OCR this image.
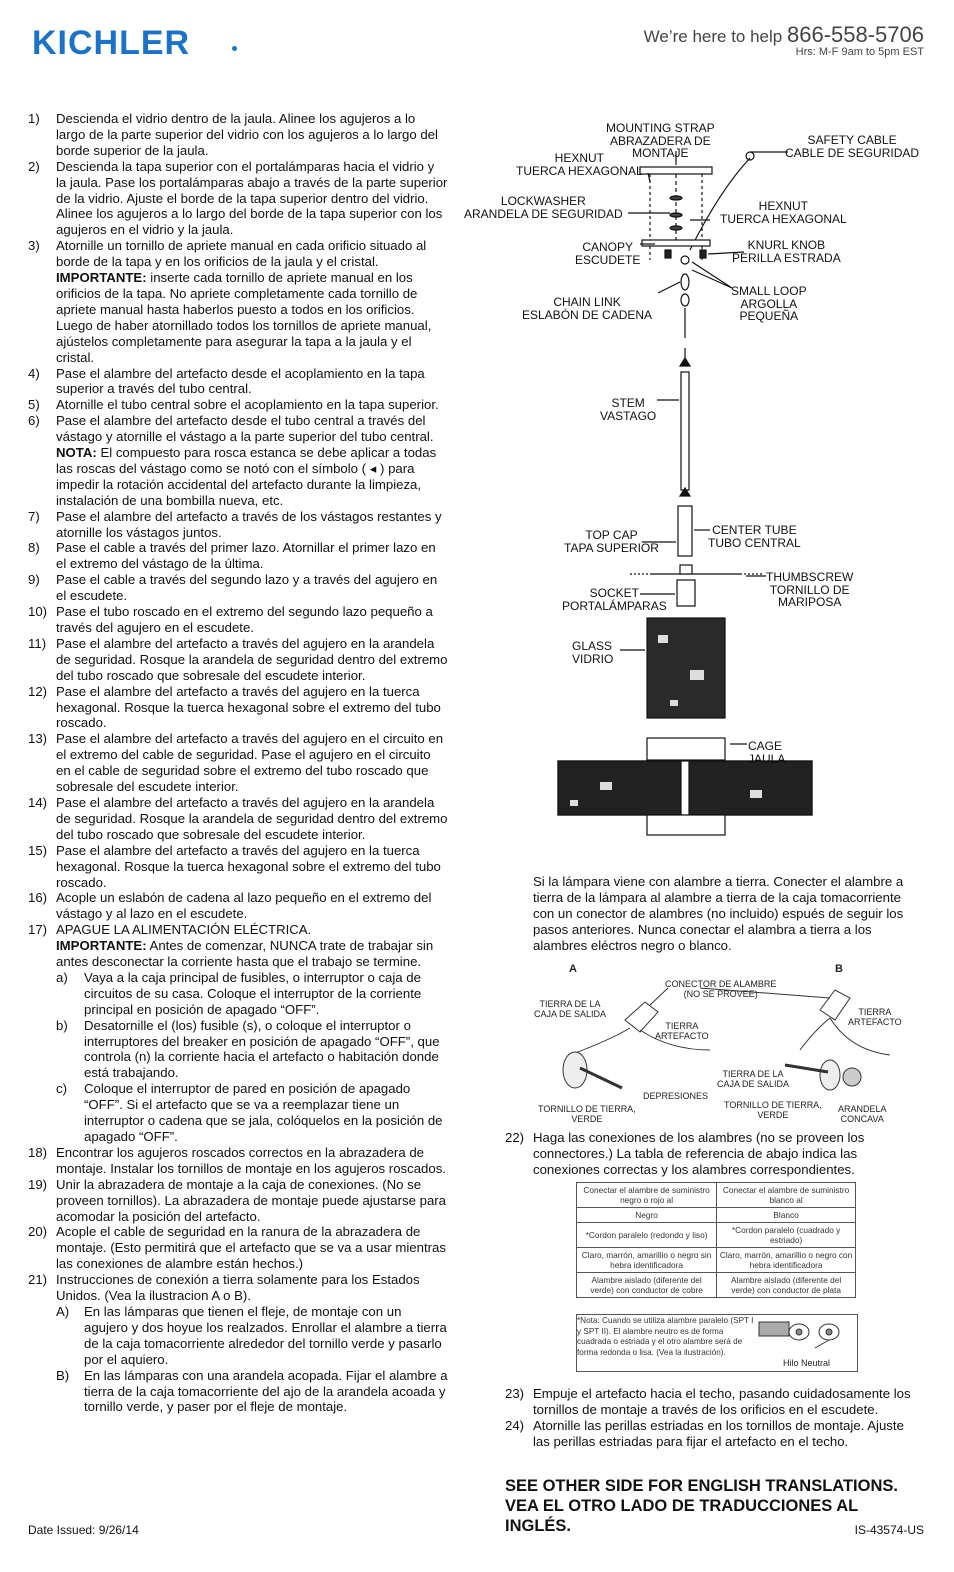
KICHLER	We’re here to help 866-558-5706
Hrs: M-F 9am to 5pm EST
1)	Descienda el vidrio dentro de la jaula. Alinee los agujeros a lo largo de la parte superior del vidrio con los agujeros a lo largo del borde superior de la jaula.
2)	Descienda la tapa superior con el portalámparas hacia el vidrio y la jaula. Pase los portalámparas abajo a través de la parte superior de la vidrio. Ajuste el borde de la tapa superior dentro del vidrio. Alinee los agujeros a lo largo del borde de la tapa superior con los agujeros en el vidrio y la jaula.
3)	Atornille un tornillo de apriete manual en cada orificio situado al borde de la tapa y en los orificios de la jaula y el cristal.
IMPORTANTE: inserte cada tornillo de apriete manual en los orificios de la tapa. No apriete completamente cada tornillo de apriete manual hasta haberlos puesto a todos en los orificios. Luego de haber atornillado todos los tornillos de apriete manual, ajústelos completamente para asegurar la tapa a la jaula y el cristal.
4)	Pase el alambre del artefacto desde el acoplamiento en la tapa superior a través del tubo central.
5)	Atornille el tubo central sobre el acoplamiento en la tapa superior.
6)	Pase el alambre del artefacto desde el tubo central a través del vástago y atornille el vástago a la parte superior del tubo central. NOTA: El compuesto para rosca estanca se debe aplicar a todas las roscas del vástago como se notó con el símbolo ( ◂ ) para impedir la rotación accidental del artefacto durante la limpieza, instalación de una bombilla nueva, etc.
7)	Pase el alambre del artefacto a través de los vástagos restantes y atornille los vástagos juntos.
8)	Pase el cable a través del primer lazo. Atornillar el primer lazo en el extremo del vástago de la última.
9)	Pase el cable a través del segundo lazo y a través del agujero en el escudete.
10) Pase el tubo roscado en el extremo del segundo lazo pequeño a través del agujero en el escudete.
11) Pase el alambre del artefacto a través del agujero en la arandela de seguridad. Rosque la arandela de seguridad dentro del extremo del tubo roscado que sobresale del escudete interior.
12) Pase el alambre del artefacto a través del agujero en la tuerca hexagonal. Rosque la tuerca hexagonal sobre el extremo del tubo roscado.
13) Pase el alambre del artefacto a través del agujero en el circuito en el extremo del cable de seguridad. Pase el agujero en el circuito en el cable de seguridad sobre el extremo del tubo roscado que sobresale del escudete interior.
14) Pase el alambre del artefacto a través del agujero en la arandela de seguridad. Rosque la arandela de seguridad dentro del extremo del tubo roscado que sobresale del escudete interior.
15) Pase el alambre del artefacto a través del agujero en la tuerca hexagonal. Rosque la tuerca hexagonal sobre el extremo del tubo roscado.
16) Acople un eslabón de cadena al lazo pequeño en el extremo del vástago y al lazo en el escudete.
17) APAGUE LA ALIMENTACIÓN ELÉCTRICA.
IMPORTANTE: Antes de comenzar, NUNCA trate de trabajar sin antes desconectar la corriente hasta que el trabajo se termine.
a)	Vaya a la caja principal de fusibles, o interruptor o caja de circuitos de su casa. Coloque el interruptor de la corriente principal en posición de apagado “OFF”.
b)	Desatornille el (los) fusible (s), o coloque el interruptor o interruptores del breaker en posición de apagado “OFF”, que controla (n) la corriente hacia el artefacto o habitación donde está trabajando.
c)	Coloque el interruptor de pared en posición de apagado “OFF”. Si el artefacto que se va a reemplazar tiene un interruptor o cadena que se jala, colóquelos en la posición de apagado “OFF”.
18) Encontrar los agujeros roscados correctos en la abrazadera de montaje. Instalar los tornillos de montaje en los agujeros roscados.
19) Unir la abrazadera de montaje a la caja de conexiones. (No se proveen tornillos). La abrazadera de montaje puede ajustarse para acomodar la posición del artefacto.
20) Acople el cable de seguridad en la ranura de la abrazadera de montaje. (Esto permitirá que el artefacto que se va a usar mientras las conexiones de alambre están hechos.)
21) Instrucciones de conexión a tierra solamente para los Estados Unidos. (Vea la ilustracion A o B).
A)	En las lámparas que tienen el fleje, de montaje con un agujero y dos hoyue los realzados. Enrollar el alambre a tierra de la caja tomacorriente alrededor del tornillo verde y pasarlo por el aquiero.
B)	En las lámparas con una arandela acopada. Fijar el alambre a tierra de la caja tomacorriente del ajo de la arandela acoada y tornillo verde, y paser por el fleje de montaje.
MOUNTING STRAP
ABRAZADERA DE
MONTAJE
SAFETY CABLE
CABLE DE SEGURIDAD
HEXNUT
TUERCA HEXAGONAL
LOCKWASHER
ARANDELA DE SEGURIDAD
HEXNUT
TUERCA HEXAGONAL
CANOPY
ESCUDETE
KNURL KNOB
PERILLA ESTRADA
SMALL LOOP
ARGOLLA
PEQUEÑA
CHAIN LINK
ESLABÓN DE CADENA
STEM
VASTAGO
TOP CAP
TAPA SUPERIOR
CENTER TUBE
TUBO CENTRAL
THUMBSCREW
TORNILLO DE
MARIPOSA
SOCKET
PORTALÁMPARAS
GLASS
VIDRIO
CAGE
JAULA
Si la lámpara viene con alambre a tierra. Conecter el alambre a tierra de la lámpara al alambre a tierra de la caja tomacorriente con un conector de alambres (no incluido) espués de seguir los pasos anteriores. Nunca conectar el alambra a tierra a los alambres eléctros negro o blanco.
A	B
CONECTOR DE ALAMBRE
(NO SE PROVEE)
TIERRA DE LA
CAJA DE SALIDA
TIERRA
ARTEFACTO
DEPRESIONES
TORNILLO DE TIERRA,
VERDE
TIERRA
ARTEFACTO
TIERRA DE LA
CAJA DE SALIDA
TORNILLO DE TIERRA,
VERDE
ARANDELA
CONCAVA
22) Haga las conexiones de los alambres (no se proveen los connectores.) La tabla de referencia de abajo indica las conexiones correctas y los alambres correspondientes.
Conectar el alambre de suministro negro o rojo al	Conectar el alambre de suministro blanco al
Negro	Blanco
*Cordon paralelo (redondo y liso)	*Cordon paralelo (cuadrado y estriado)
Claro, marrón, amarillio o negro sin hebra identificadora	Claro, marrón, amarillio o negro con hebra identificadora
Alambre aislado (diferente del verde) con conductor de cobre	Alambre aislado (diferente del verde) con conductor de plata
*Nota: Cuando se utiliza alambre paralelo (SPT I y SPT II). El alambre neutro es de forma cuadrada o estriada y el otro alambre será de forma redonda o lisa. (Vea la ilustración).
Hilo Neutral
23) Empuje el artefacto hacia el techo, pasando cuidadosamente los tornillos de montaje a través de los orificios en el escudete.
24) Atornille las perillas estriadas en los tornillos de montaje. Ajuste las perillas estriadas para fijar el artefacto en el techo.
SEE OTHER SIDE FOR ENGLISH TRANSLATIONS.
VEA EL OTRO LADO DE TRADUCCIONES AL INGLÉS.
Date Issued: 9/26/14	IS-43574-US
